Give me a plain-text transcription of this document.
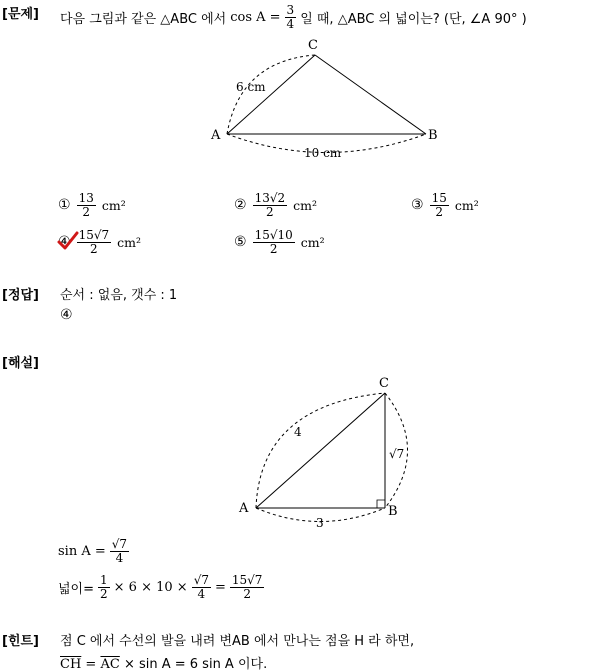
[문제] 다음 그림과 같은 △ABC 에서 $\cos A = \frac{3}{4}$ 일 때, △ABC 의 넓이는? (단, ∠A 90° )
A	B
C
6 cm
10 cm
① $\frac{13}{2} cm^2$	② $\frac{13√2}{2} cm^2$	③ $\frac{15}{2} cm^2$
④ $\frac{15√7}{2} cm^2$	⑤ $\frac{15√10}{2} cm^2$
[정답] 순서 : 없음, 갯수 : 1
④
[해설]
A	B
C
4
3
√7
$\sin A = \frac{√7}{4}$
넓이= $\frac{1}{2} \times 6 \times 10 \times \frac{√7}{4} = \frac{15√7}{2}$
[힌트] 점 C 에서 수선의 발을 내려 변AB 에서 만나는 점을 H 라 하면,
$\overline{CH} = \overline{AC} \times \sin A = 6$ sin A 이다.
